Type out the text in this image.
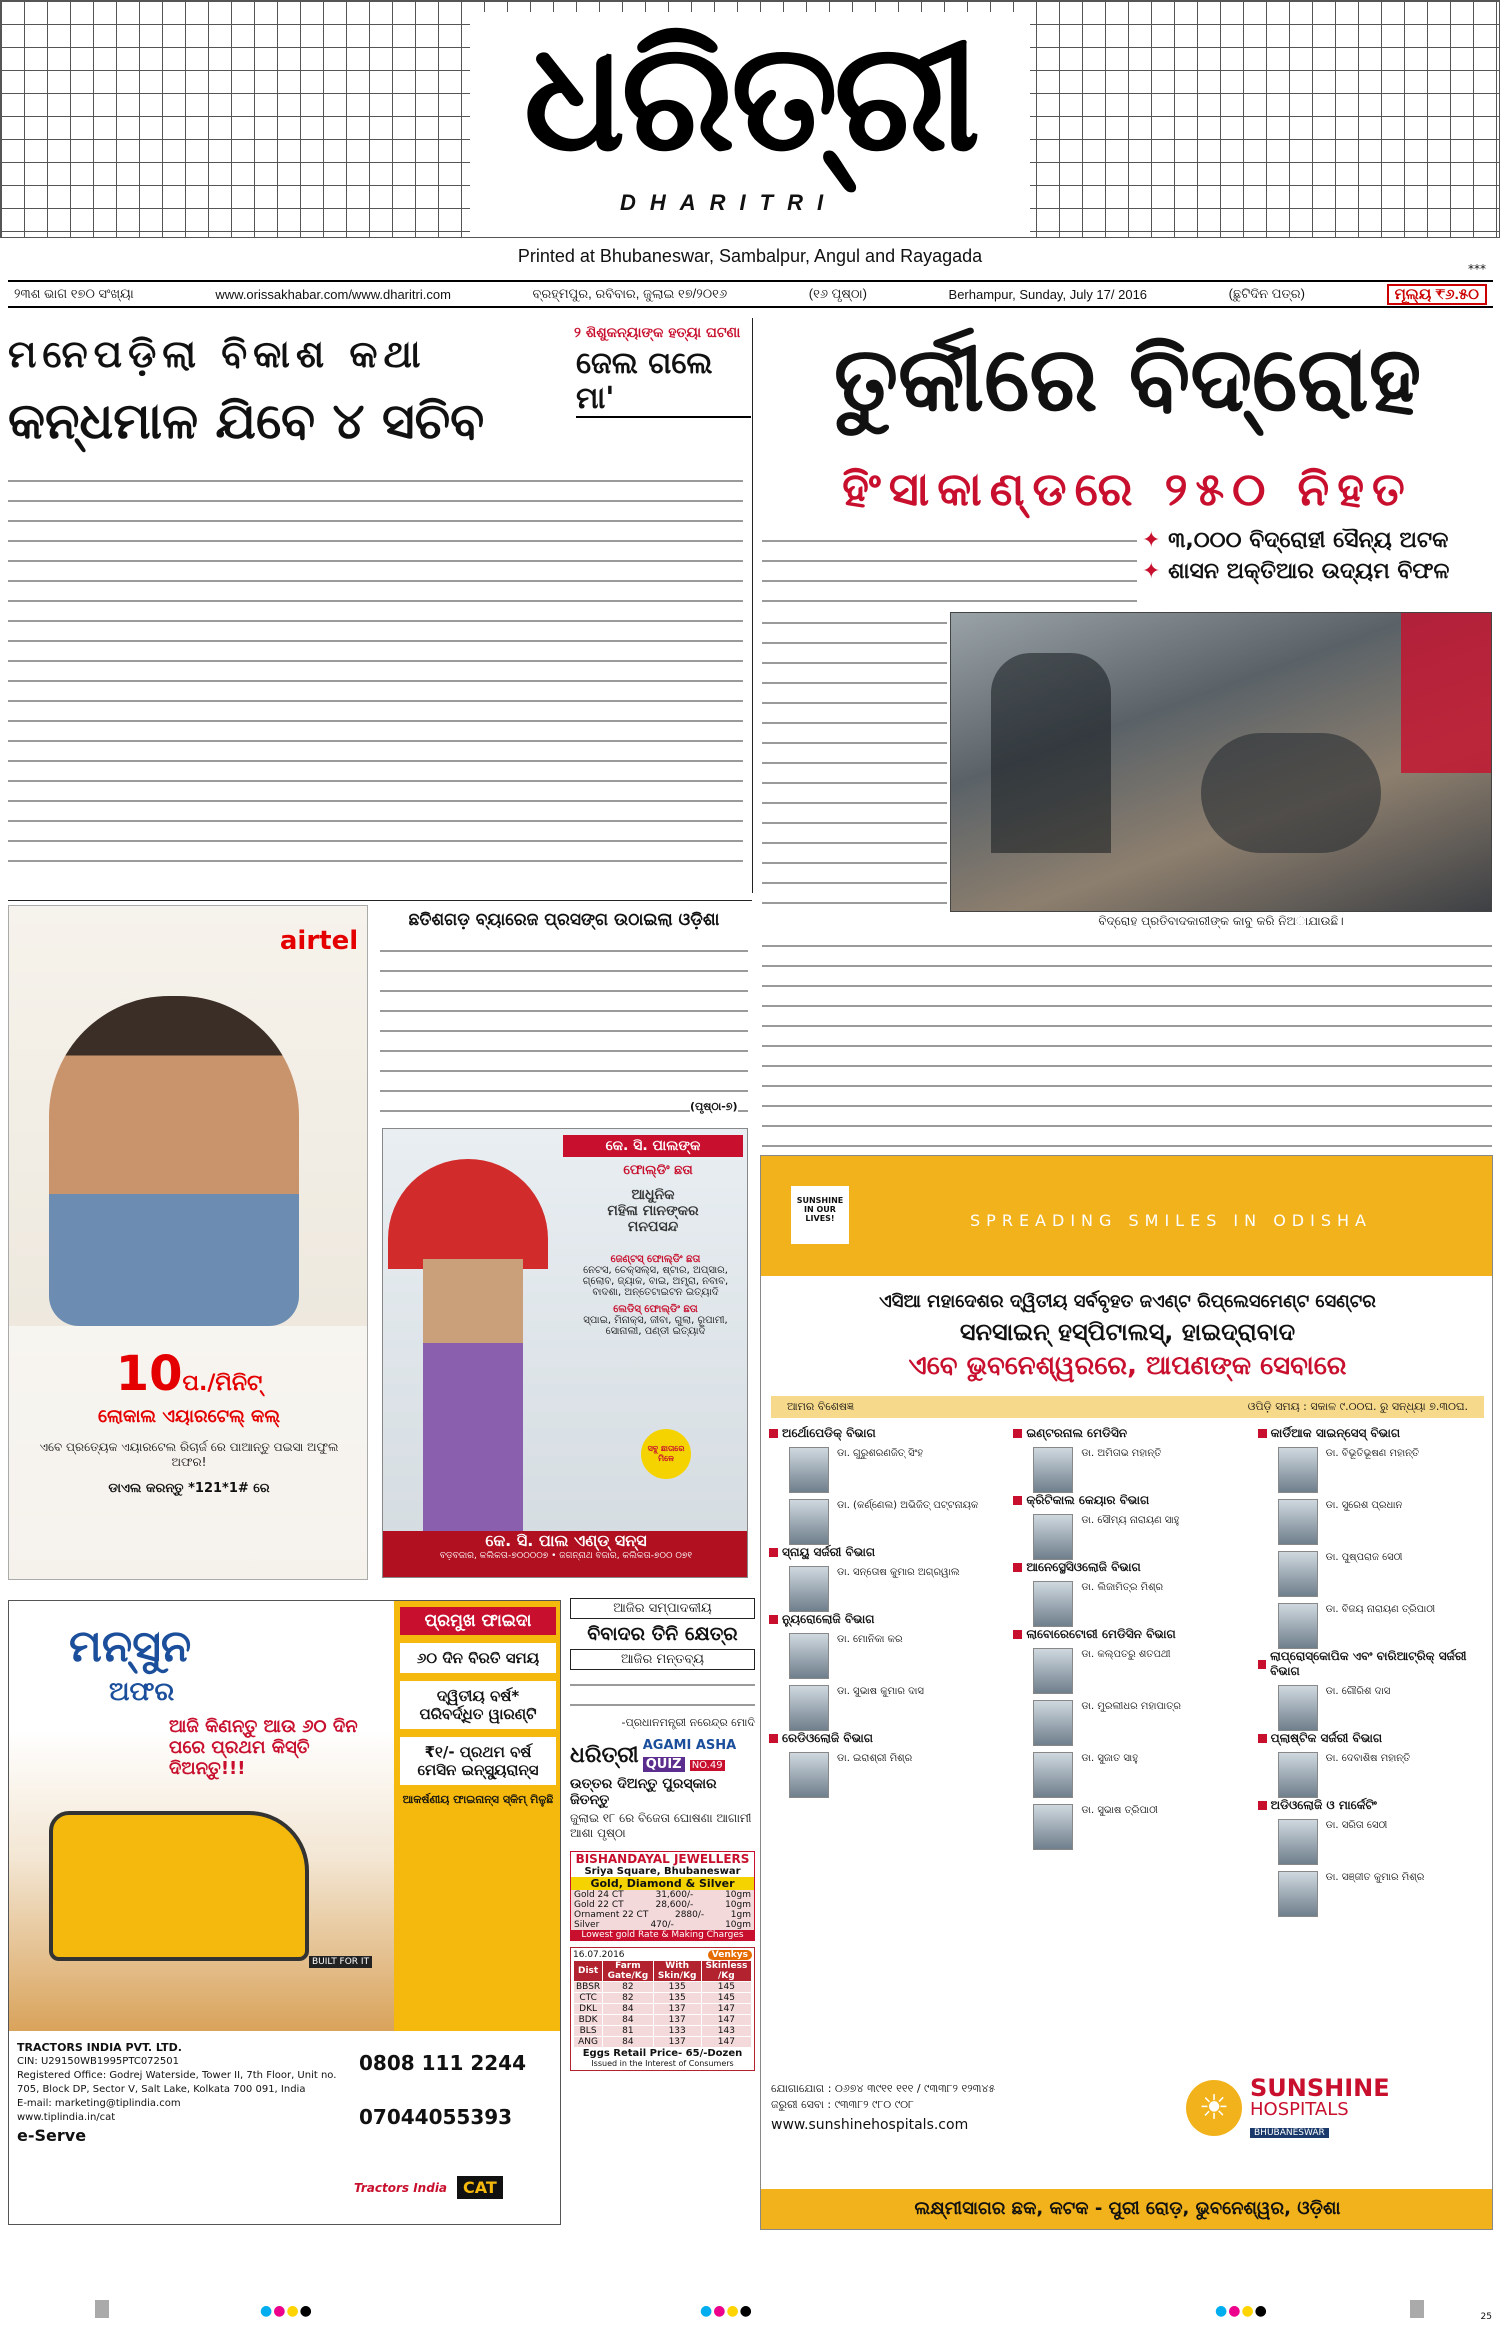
ଧରିତ୍ରୀ
DHARITRI
Printed at Bhubaneswar, Sambalpur, Angul and Rayagada
***
୨୩ଶ ଭାଗ ୧୭୦ ସଂଖ୍ୟା	www.orissakhabar.com/www.dharitri.com	ବ୍ରହ୍ମପୁର, ରବିବାର, ଜୁଲାଇ ୧୭/୨୦୧୬	(୧୬ ପୃଷ୍ଠା)	Berhampur, Sunday, July 17/ 2016	(ଛୁଟିଦିନ ପତ୍ର)	ମୂଲ୍ୟ ₹୬.୫୦
ମନେପଡ଼ିଲା ବିକାଶ କଥା
କନ୍ଧମାଳ ଯିବେ ୪ ସଚିବ
୨ ଶିଶୁକନ୍ୟାଙ୍କ ହତ୍ୟା ଘଟଣା
ଜେଲ ଗଲେ ମା'	ତୁର୍କୀରେ ବିଦ୍ରୋହ
ହିଂସାକାଣ୍ଡରେ ୨୫୦ ନିହତ
✦ ୩,୦୦୦ ବିଦ୍ରୋହୀ ସୈନ୍ୟ ଅଟକ
✦ ଶାସନ ଅକ୍ତିଆର ଉଦ୍ୟମ ବିଫଳ
ବିଦ୍ରୋହ ପ୍ରତିବାଦକାରୀଙ୍କ କାବୁ କରି ନିଅାଯାଉଛି।
airtel
10ପ./ମିନିଟ୍
ଲୋକାଲ ଏୟାରଟେଲ୍ କଲ୍
ଏବେ ପ୍ରତ୍ୟେକ ଏୟାରଟେଲ ରିଚାର୍ଜ ରେ ପାଆନ୍ତୁ ପଇସା ଅଫୁଲ ଅଫର!
ଡାଏଲ କରନ୍ତୁ *121*1# ରେ
ଛତିଶଗଡ଼ ବ୍ୟାରେଜ ପ୍ରସଙ୍ଗ ଉଠାଇଲା ଓଡ଼ିଶା
(ପୃଷ୍ଠା-୭)
କେ. ସି. ପାଲଙ୍କ
ଫୋଲ୍ଡିଂ ଛତା
ଆଧୁନିକ
ମହିଳା ମାନଙ୍କର
ମନପସନ୍ଦ
ଜେଣ୍ଟସ୍ ଫୋଲ୍ଡିଂ ଛତା
ନେଟସ, ଚେକ୍ସଲ୍ସ, ଷ୍ଟାର, ଅପ୍ସାର, ଗ୍ଲୋବ, ଜ୍ୟାକ, ବାଇ, ଅମ୍ବ୍ରା, ନବାବ, ବାଦଶା, ଅନ୍ତେଟାଇଟନ ଇତ୍ୟାଦି
ଲେଡିସ୍ ଫୋଲ୍ଡିଂ ଛତା
ସ୍ପାଇ, ମିନାକ୍ସ, ଜୀବା, ଗୁଲା, ରୂପାମୀ, ସୋନାଲୀ, ପଣ୍ଡୀ ଇତ୍ୟାଦି
ସବୁ ଛାତାରେ ମିଳେ
କେ. ସି. ପାଲ ଏଣ୍ଡ୍ ସନ୍ସ
ବଡ଼ବଜାର, କଲିକତା-୭୦୦୦୦୭ • ଜଗନ୍ନାଥ ବଜାର, କଲିକତା-୭୦୦ ୦୭୧
ମନ୍ସୁନ
ଅଫର
ଆଜି କିଣନ୍ତୁ ଆଉ ୬୦ ଦିନ ପରେ ପ୍ରଥମ କିସ୍ତି ଦିଅନ୍ତୁ!!!
BUILT FOR IT
ପ୍ରମୁଖ ଫାଇଦା
୬୦ ଦିନ ବିରତି ସମୟ
ଦ୍ୱିତୀୟ ବର୍ଷ* ପରିବର୍ଦ୍ଧିତ ୱାରଣ୍ଟି
₹୧/- ପ୍ରଥମ ବର୍ଷ ମେସିନ ଇନ୍ସ୍ୟୁରାନ୍ସ
ଆକର୍ଷଣୀୟ ଫାଇନାନ୍ସ ସ୍କିମ୍ ମିଳୁଛି
TRACTORS INDIA PVT. LTD.
CIN: U29150WB1995PTC072501
Registered Office: Godrej Waterside, Tower II, 7th Floor, Unit no. 705, Block DP, Sector V, Salt Lake, Kolkata 700 091, India
E-mail: marketing@tiplindia.com
www.tiplindia.in/cat
e-Serve
0808 111 2244
07044055393
Tractors India	CAT
ଆଜିର ସମ୍ପାଦକୀୟ
ବିବାଦର ତିନି କ୍ଷେତ୍ର
ଆଜିର ମନ୍ତବ୍ୟ
-ପ୍ରଧାନମନ୍ତ୍ରୀ ନରେନ୍ଦ୍ର ମୋଦି
ଧରିତ୍ରୀ AGAMI ASHA
QUIZ NO.49
ଉତ୍ତର ଦିଅନ୍ତୁ ପୁରସ୍କାର ଜିତନ୍ତୁ
ଜୁଲାଇ ୧୮ ରେ ବିଜେତା ଘୋଷଣା ଆଗାମୀ ଆଶା ପୃଷ୍ଠା
BISHANDAYAL JEWELLERS
Sriya Square, Bhubaneswar
Gold, Diamond & Silver
Gold 24 CT	31,600/-	10gm
Gold 22 CT	28,600/-	10gm
Ornament 22 CT	2880/-	1gm
Silver	470/-	10gm
Lowest gold Rate & Making Charges
16.07.2016	Venkys
Dist	Farm Gate/Kg	With Skin/Kg	Skinless /Kg
BBSR	82	135	145
CTC	82	135	145
DKL	84	137	147
BDK	84	137	147
BLS	81	133	143
ANG	84	137	147
Eggs Retail Price- 65/-Dozen
Issued in the Interest of Consumers
SUNSHINE IN OUR LIVES!	SPREADING SMILES IN ODISHA
ଏସିଆ ମହାଦେଶର ଦ୍ୱିତୀୟ ସର୍ବବୃହତ ଜଏଣ୍ଟ ରିପ୍ଲେସମେଣ୍ଟ ସେଣ୍ଟର
ସନସାଇନ୍ ହସ୍ପିଟାଲସ୍, ହାଇଦ୍ରାବାଦ
ଏବେ ଭୁବନେଶ୍ୱରରେ, ଆପଣଙ୍କ ସେବାରେ
ଆମର ବିଶେଷଜ୍ଞ	ଓପିଡ଼ି ସମୟ : ସକାଳ ୯.୦୦ଘ. ରୁ ସନ୍ଧ୍ୟା ୭.୩୦ଘ.
ଅର୍ଥୋପେଡିକ୍ ବିଭାଗ
ଡା. ଗୁରୁଶରଣଜିତ୍ ସିଂହ
ଡା. (କର୍ଣ୍ଣେଲ) ଅଭିଜିତ୍ ପଟ୍ଟନାୟକ
ସ୍ନାୟୁ ସର୍ଜରୀ ବିଭାଗ
ଡା. ସନ୍ତୋଷ କୁମାର ଅଗ୍ରୱାଲ
ନ୍ୟୁରୋଲୋଜି ବିଭାଗ
ଡା. ମୋନିକା କର
ଡା. ସୁଭାଷ କୁମାର ଦାସ
ରେଡିଓଲୋଜି ବିଭାଗ
ଡା. ଇରାଶ୍ରୀ ମିଶ୍ର
ଇଣ୍ଟରନାଲ ମେଡିସିନ
ଡା. ଅମିତାଭ ମହାନ୍ତି
କ୍ରିଟିକାଲ କେୟାର ବିଭାଗ
ଡା. ସୌମ୍ୟ ନାରାୟଣ ସାହୁ
ଆନେସ୍ଥେସିଓଲୋଜି ବିଭାଗ
ଡା. ଲିଜାମିତ୍ର ମିଶ୍ର
ଲାବୋରେଟୋରୀ ମେଡିସିନ ବିଭାଗ
ଡା. କଲ୍ପତରୁ ଶତପଥୀ
ଡା. ମୁରଲୀଧର ମହାପାତ୍ର
ଡା. ସୁଜାତ ସାହୁ
ଡା. ସୁଭାଷ ତ୍ରିପାଠୀ
କାର୍ଡିଆକ ସାଇନ୍ସେସ୍ ବିଭାଗ
ଡା. ବିଭୂତିଭୂଷଣ ମହାନ୍ତି
ଡା. ସୁରେଶ ପ୍ରଧାନ
ଡା. ପୁଷ୍ପରାଜ ସେଠୀ
ଡା. ବିଜୟ ନାରାୟଣ ତ୍ରିପାଠୀ
ଲାପ୍ରୋସ୍କୋପିକ ଏବଂ ବାରିଆଟ୍ରିକ୍ ସର୍ଜରୀ ବିଭାଗ
ଡା. ଗୌରିଶ ଦାସ
ପ୍ଲାଷ୍ଟିକ ସର୍ଜରୀ ବିଭାଗ
ଡା. ଦେବାଶିଷ ମହାନ୍ତି
ଅଡିଓଲୋଜି ଓ ମାର୍କେଟିଂ
ଡା. ସରିତା ସେଠୀ
ଡା. ସଞ୍ଜୀତ କୁମାର ମିଶ୍ର
ଯୋଗାଯୋଗ : ୦୬୭୪ ୩୯୧୧ ୧୧୧ / ୯୩୩୮୨ ୧୨୩୪୫
ଜରୁରୀ ସେବା : ୯୩୩୮୨ ୯୮୦ ୯୦୮
www.sunshinehospitals.com	☀ SUNSHINE
HOSPITALS
BHUBANESWAR
ଲକ୍ଷ୍ମୀସାଗର ଛକ, କଟକ - ପୁରୀ ରୋଡ଼, ଭୁବନେଶ୍ୱର, ଓଡ଼ିଶା
●●●●	●●●●	●●●●	25
